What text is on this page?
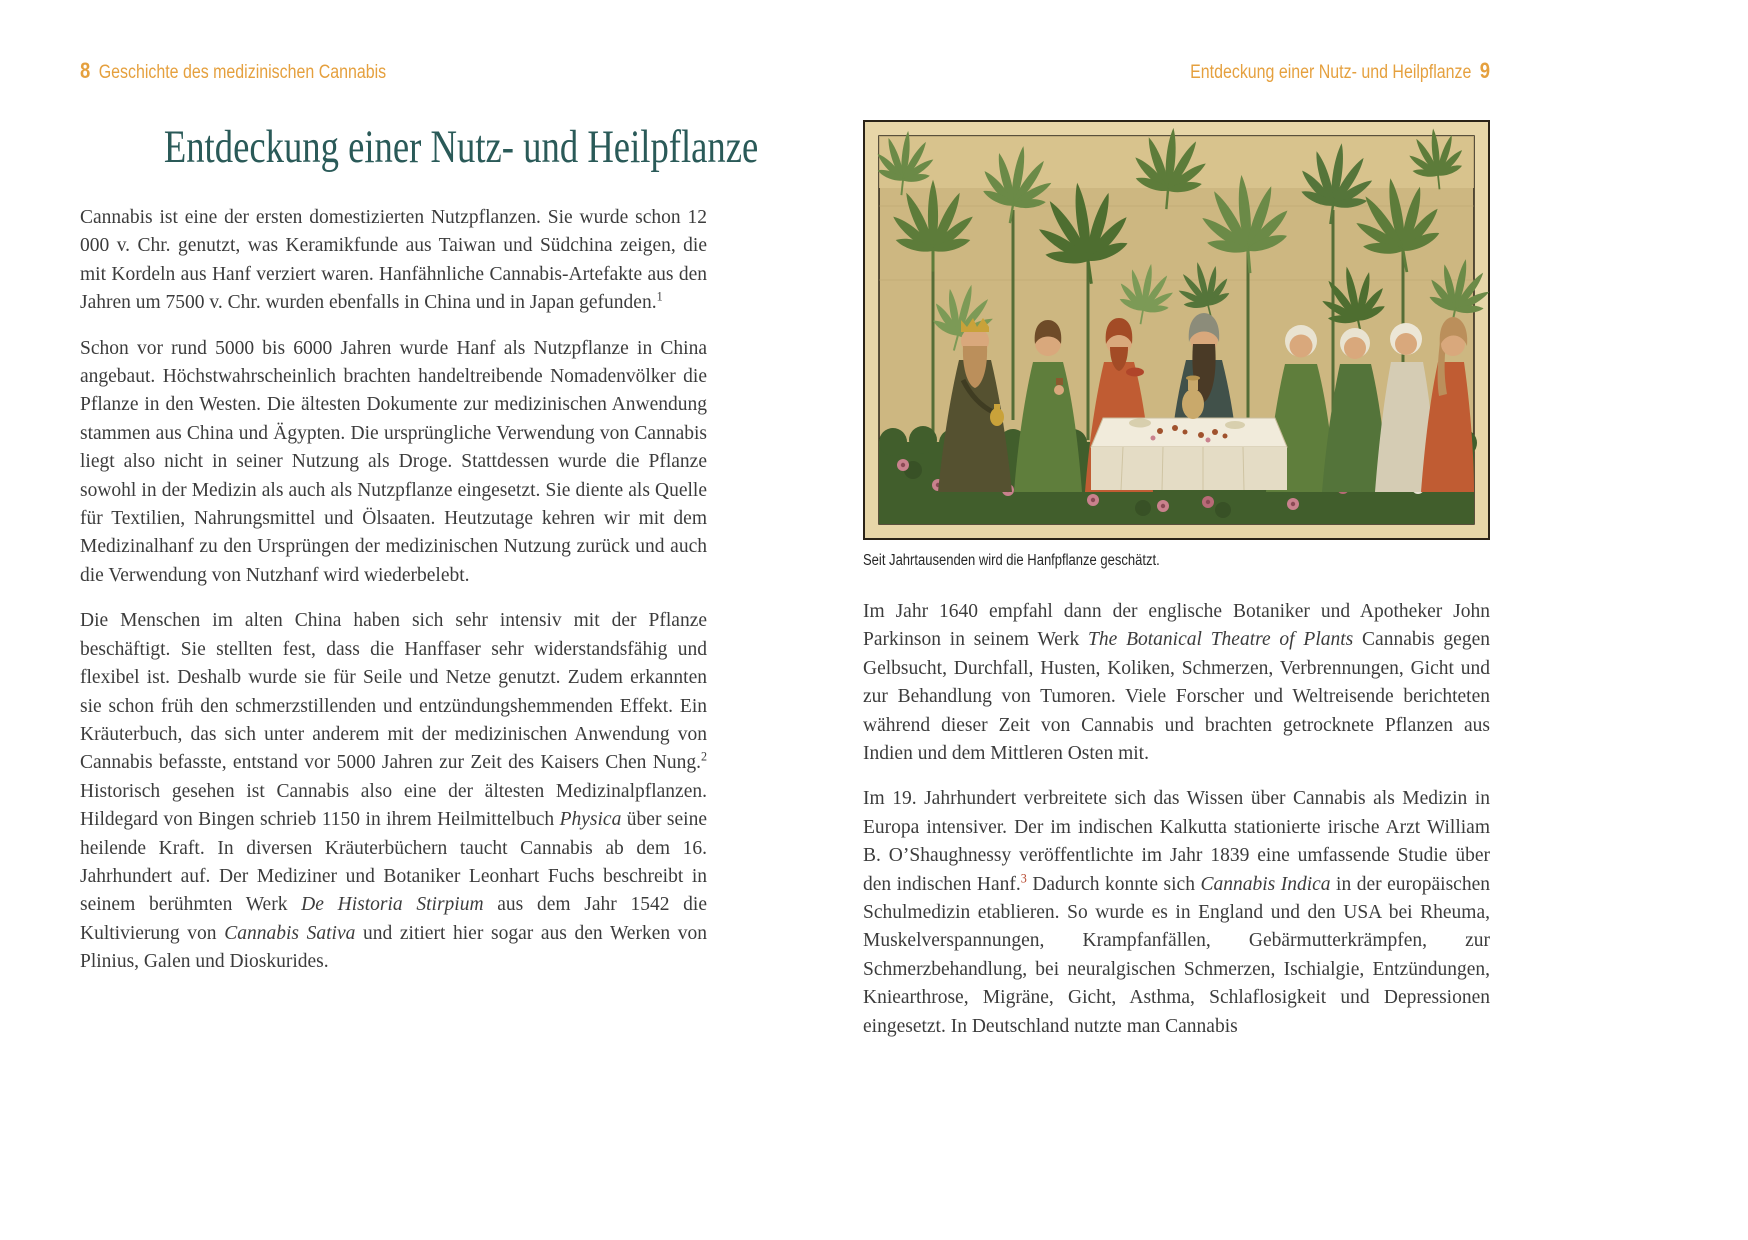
8 Geschichte des medizinischen Cannabis	Entdeckung einer Nutz- und Heilpflanze 9
Entdeckung einer Nutz- und Heilpflanze

Cannabis ist eine der ersten domestizierten Nutzpflanzen. Sie wurde schon 12 000 v. Chr. genutzt, was Keramikfunde aus Taiwan und Südchina zeigen, die mit Kordeln aus Hanf verziert waren. Hanfähnliche Cannabis-Artefakte aus den Jahren um 7500 v. Chr. wurden ebenfalls in China und in Japan gefunden.$^1$

Schon vor rund 5000 bis 6000 Jahren wurde Hanf als Nutzpflanze in China angebaut. Höchstwahrscheinlich brachten handeltreibende Nomadenvölker die Pflanze in den Westen. Die ältesten Dokumente zur medizinischen Anwendung stammen aus China und Ägypten. Die ursprüngliche Verwendung von Cannabis liegt also nicht in seiner Nutzung als Droge. Stattdessen wurde die Pflanze sowohl in der Medizin als auch als Nutzpflanze eingesetzt. Sie diente als Quelle für Textilien, Nahrungsmittel und Ölsaaten. Heutzutage kehren wir mit dem Medizinalhanf zu den Ursprüngen der medizinischen Nutzung zurück und auch die Verwendung von Nutzhanf wird wiederbelebt.

Die Menschen im alten China haben sich sehr intensiv mit der Pflanze beschäftigt. Sie stellten fest, dass die Hanffaser sehr widerstandsfähig und flexibel ist. Deshalb wurde sie für Seile und Netze genutzt. Zudem erkannten sie schon früh den schmerzstillenden und entzündungshemmenden Effekt. Ein Kräuterbuch, das sich unter anderem mit der medizinischen Anwendung von Cannabis befasste, entstand vor 5000 Jahren zur Zeit des Kaisers Chen Nung.$^2$ Historisch gesehen ist Cannabis also eine der ältesten Medizinalpflanzen. Hildegard von Bingen schrieb 1150 in ihrem Heilmittelbuch Physica über seine heilende Kraft. In diversen Kräuterbüchern taucht Cannabis ab dem 16. Jahrhundert auf. Der Mediziner und Botaniker Leonhart Fuchs beschreibt in seinem berühmten Werk De Historia Stirpium aus dem Jahr 1542 die Kultivierung von Cannabis Sativa und zitiert hier sogar aus den Werken von Plinius, Galen und Dioskurides.

Seit Jahrtausenden wird die Hanfpflanze geschätzt.

Im Jahr 1640 empfahl dann der englische Botaniker und Apotheker John Parkinson in seinem Werk The Botanical Theatre of Plants Cannabis gegen Gelbsucht, Durchfall, Husten, Koliken, Schmerzen, Verbrennungen, Gicht und zur Behandlung von Tumoren. Viele Forscher und Weltreisende berichteten während dieser Zeit von Cannabis und brachten getrocknete Pflanzen aus Indien und dem Mittleren Osten mit.

Im 19. Jahrhundert verbreitete sich das Wissen über Cannabis als Medizin in Europa intensiver. Der im indischen Kalkutta stationierte irische Arzt William B. O’Shaughnessy veröffentlichte im Jahr 1839 eine umfassende Studie über den indischen Hanf.$^3$ Dadurch konnte sich Cannabis Indica in der europäischen Schulmedizin etablieren. So wurde es in England und den USA bei Rheuma, Muskelverspannungen, Krampfanfällen, Gebärmutterkrämpfen, zur Schmerzbehandlung, bei neuralgischen Schmerzen, Ischialgie, Entzündungen, Kniearthrose, Migräne, Gicht, Asthma, Schlaflosigkeit und Depressionen eingesetzt. In Deutschland nutzte man Cannabis
